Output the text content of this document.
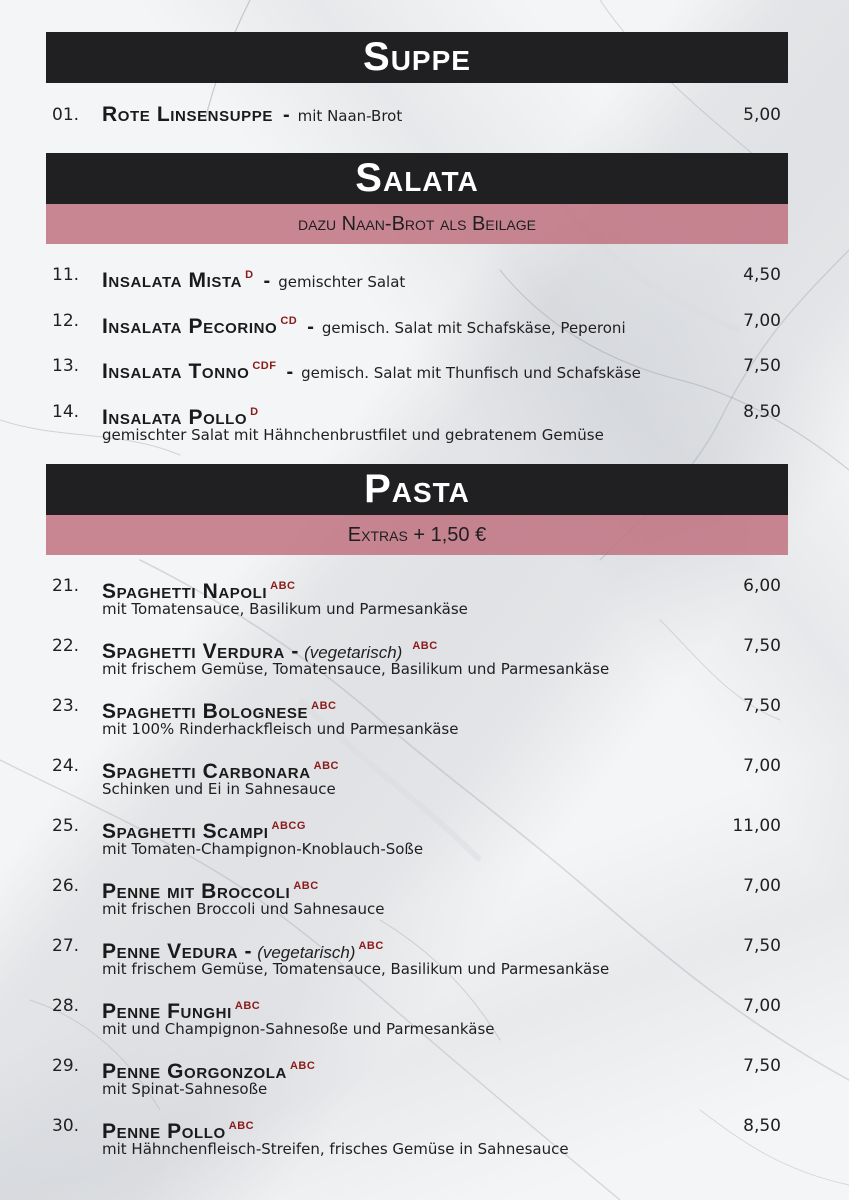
Suppe
01. Rote Linsensuppe - mit Naan-Brot	5,00
Salata
dazu Naan-Brot als Beilage
11. Insalata Mista $^D$ - gemischter Salat	4,50
12. Insalata Pecorino $^{CD}$ - gemisch. Salat mit Schafskäse, Peperoni	7,00
13. Insalata Tonno $^{CDF}$ - gemisch. Salat mit Thunfisch und Schafskäse	7,50
14. Insalata Pollo $^D$
gemischter Salat mit Hähnchenbrustfilet und gebratenem Gemüse
8,50
Pasta
Extras + 1,50 €
21. Spaghetti Napoli $^{ABC}$
mit Tomatensauce, Basilikum und Parmesankäse
6,00
22. Spaghetti Verdura - (vegetarisch) $^{ABC}$
mit frischem Gemüse, Tomatensauce, Basilikum und Parmesankäse
7,50
23. Spaghetti Bolognese $^{ABC}$
mit 100% Rinderhackfleisch und Parmesankäse
7,50
24. Spaghetti Carbonara $^{ABC}$
Schinken und Ei in Sahnesauce
7,00
25. Spaghetti Scampi $^{ABCG}$
mit Tomaten-Champignon-Knoblauch-Soße
11,00
26. Penne mit Broccoli $^{ABC}$
mit frischen Broccoli und Sahnesauce
7,00
27. Penne Vedura - (vegetarisch) $^{ABC}$
mit frischem Gemüse, Tomatensauce, Basilikum und Parmesankäse
7,50
28. Penne Funghi $^{ABC}$
mit und Champignon-Sahnesoße und Parmesankäse
7,00
29. Penne Gorgonzola $^{ABC}$
mit Spinat-Sahnesoße
7,50
30. Penne Pollo $^{ABC}$
mit Hähnchenfleisch-Streifen, frisches Gemüse in Sahnesauce
8,50
